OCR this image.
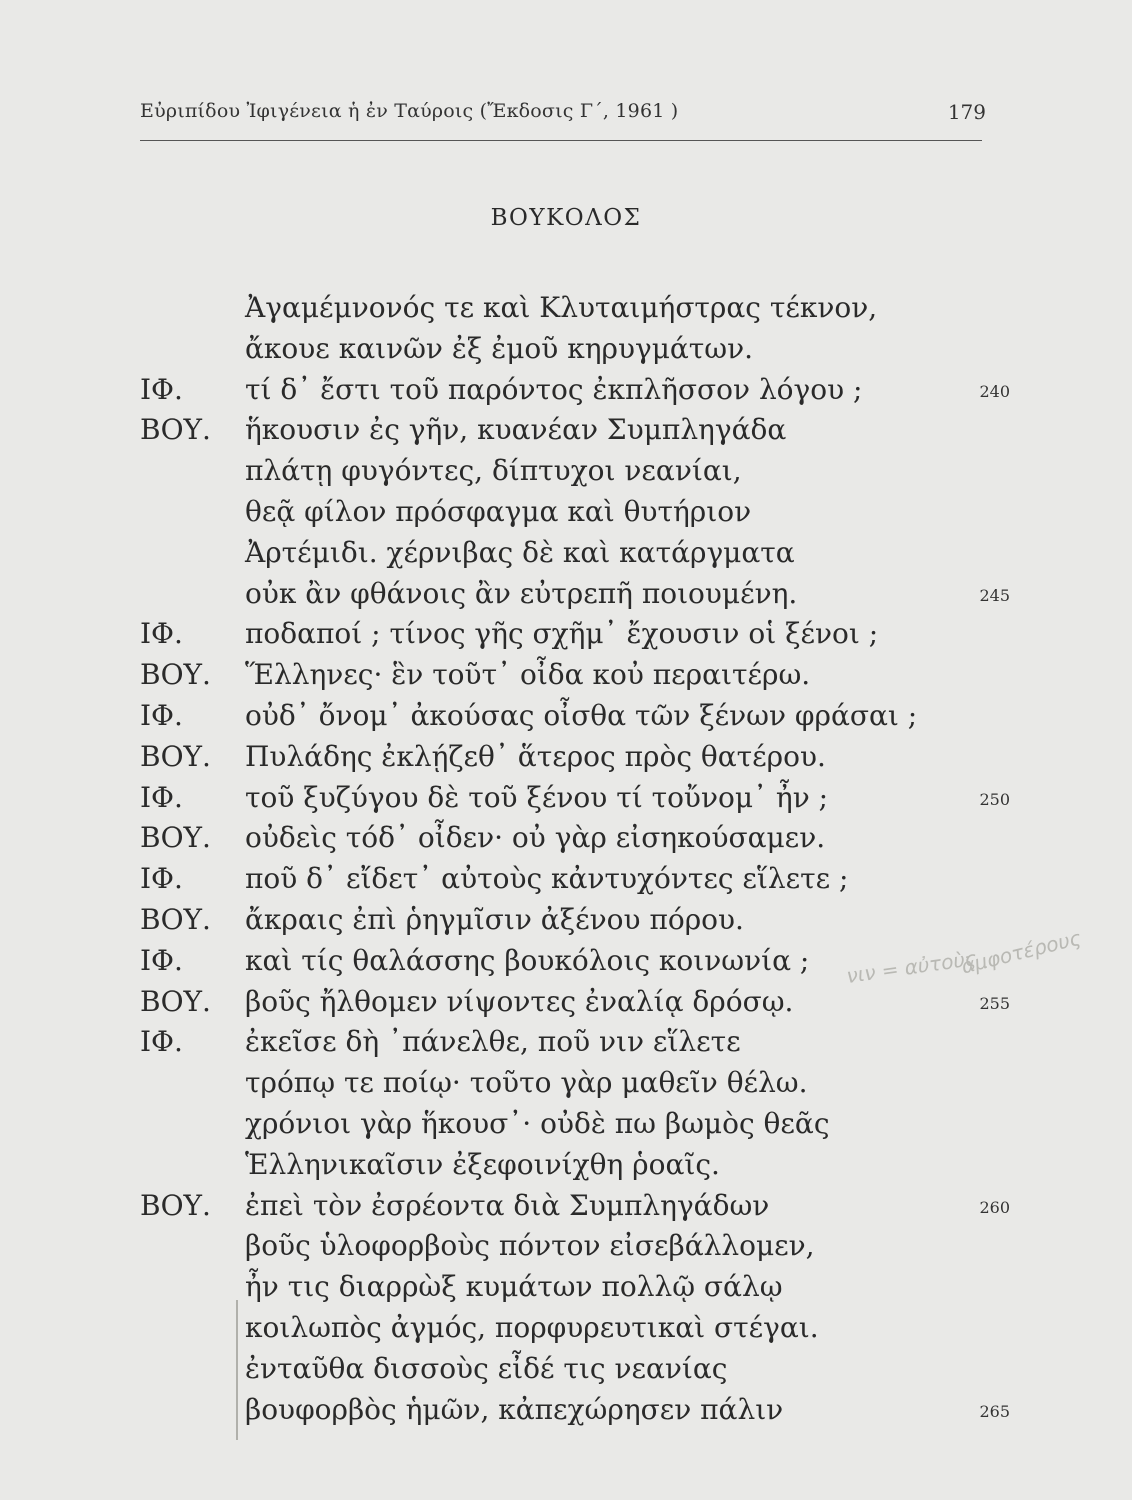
Εὐριπίδου Ἰφιγένεια ἡ ἐν Ταύροις (Ἔκδοσις Γ΄, 1961 )	179
ΒΟΥΚΟΛΟΣ
Ἀγαμέμνονός τε καὶ Κλυταιμήστρας τέκνον,
ἄκουε καινῶν ἐξ ἐμοῦ κηρυγμάτων.
ΙΦ.	τί δ᾽ ἔστι τοῦ παρόντος ἐκπλῆσσον λόγου ;	240
ΒΟΥ.	ἥκουσιν ἐς γῆν, κυανέαν Συμπληγάδα
πλάτῃ φυγόντες, δίπτυχοι νεανίαι,
θεᾷ φίλον πρόσφαγμα καὶ θυτήριον
Ἀρτέμιδι. χέρνιβας δὲ καὶ κατάργματα
οὐκ ἂν φθάνοις ἂν εὐτρεπῆ ποιουμένη.	245
ΙΦ.	ποδαποί ; τίνος γῆς σχῆμ᾽ ἔχουσιν οἱ ξένοι ;
ΒΟΥ.	Ἕλληνες· ἓν τοῦτ᾽ οἶδα κοὐ περαιτέρω.
ΙΦ.	οὐδ᾽ ὄνομ᾽ ἀκούσας οἶσθα τῶν ξένων φράσαι ;
ΒΟΥ.	Πυλάδης ἐκλῄζεθ᾽ ἅτερος πρὸς θατέρου.
ΙΦ.	τοῦ ξυζύγου δὲ τοῦ ξένου τί τοὔνομ᾽ ἦν ;	250
ΒΟΥ.	οὐδεὶς τόδ᾽ οἶδεν· οὐ γὰρ εἰσηκούσαμεν.
ΙΦ.	ποῦ δ᾽ εἴδετ᾽ αὐτοὺς κἀντυχόντες εἵλετε ;
ΒΟΥ.	ἄκραις ἐπὶ ῥηγμῖσιν ἀξένου πόρου.
ΙΦ.	καὶ τίς θαλάσσης βουκόλοις κοινωνία ;
ΒΟΥ.	βοῦς ἤλθομεν νίψοντες ἐναλίᾳ δρόσῳ.	255
ΙΦ.	ἐκεῖσε δὴ ᾽πάνελθε, ποῦ νιν εἵλετε
τρόπῳ τε ποίῳ· τοῦτο γὰρ μαθεῖν θέλω.
χρόνιοι γὰρ ἥκουσ᾽· οὐδὲ πω βωμὸς θεᾶς
Ἑλληνικαῖσιν ἐξεφοινίχθη ῥοαῖς.
ΒΟΥ.	ἐπεὶ τὸν ἐσρέοντα διὰ Συμπληγάδων	260
βοῦς ὑλοφορβοὺς πόντον εἰσεβάλλομεν,
ἦν τις διαρρὼξ κυμάτων πολλῷ σάλῳ
κοιλωπὸς ἀγμός, πορφυρευτικαὶ στέγαι.
ἐνταῦθα δισσοὺς εἶδέ τις νεανίας
βουφορβὸς ἡμῶν, κἀπεχώρησεν πάλιν	265
νιν = αὐτοὺς
ἀμφοτέρους
